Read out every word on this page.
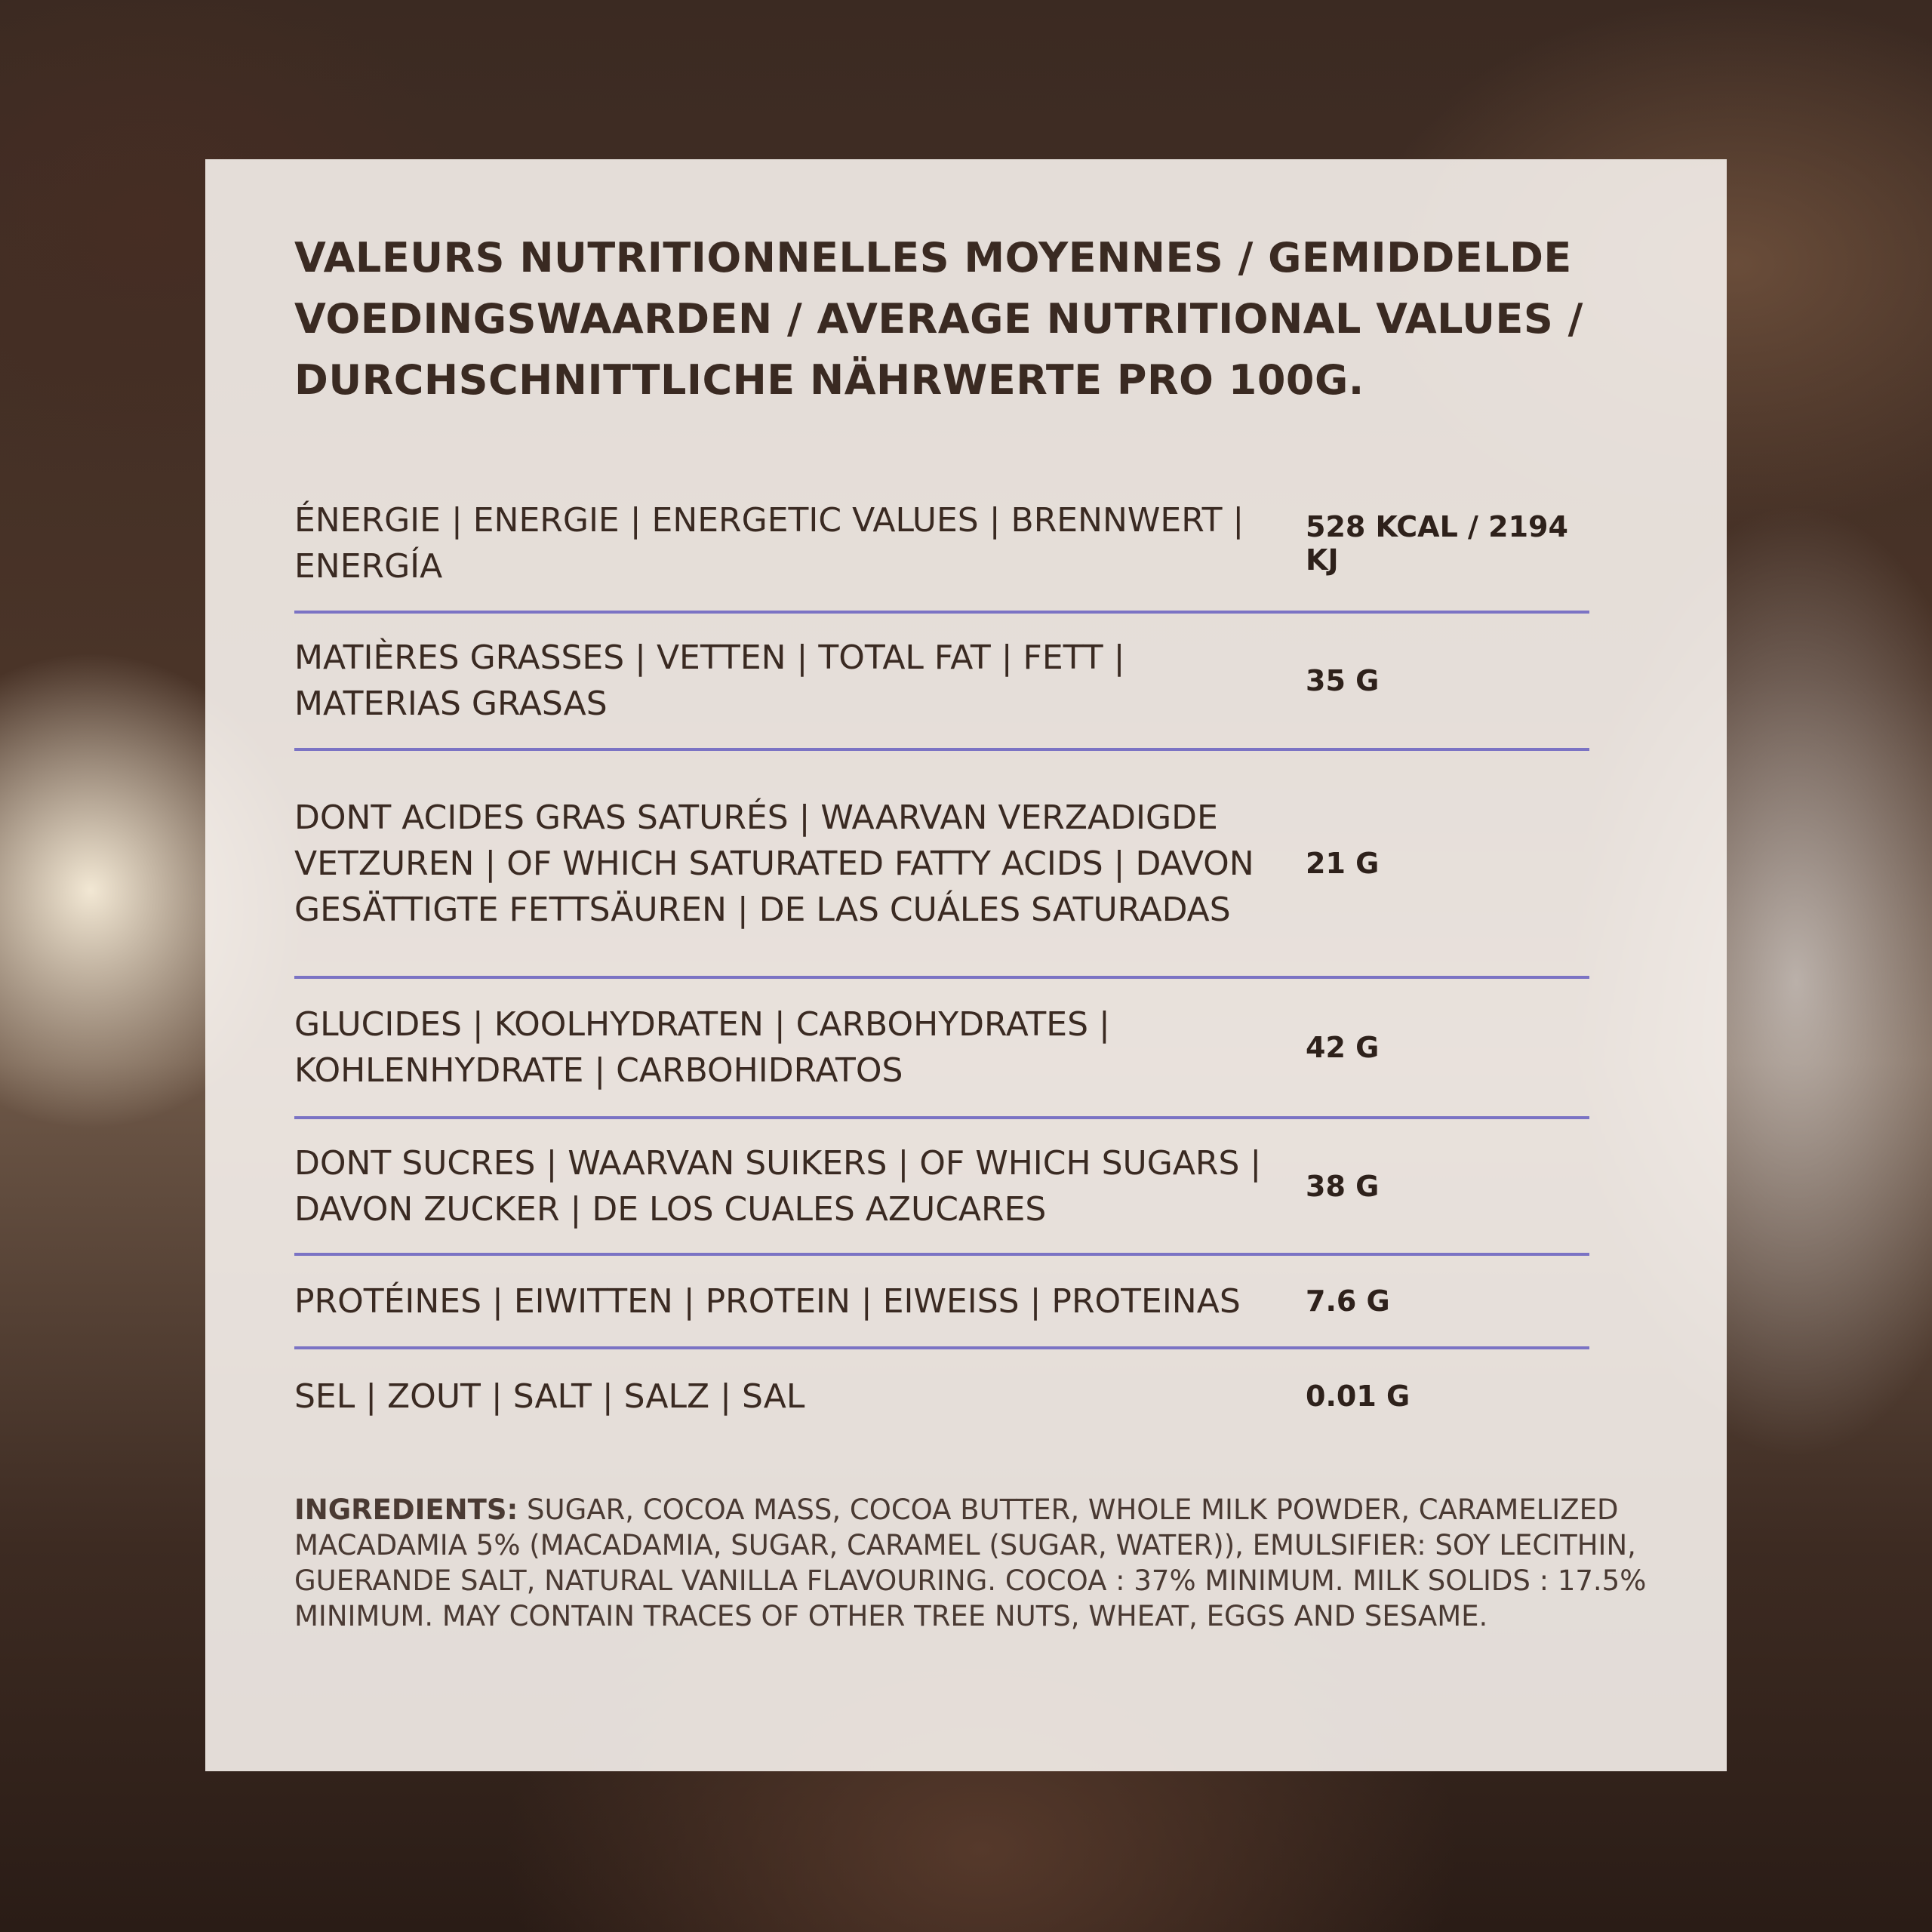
VALEURS NUTRITIONNELLES MOYENNES / GEMIDDELDE VOEDINGSWAARDEN / AVERAGE NUTRITIONAL VALUES / DURCHSCHNITTLICHE NÄHRWERTE PRO 100G.
ÉNERGIE | ENERGIE | ENERGETIC VALUES | BRENNWERT | ENERGÍA
528 KCAL / 2194 KJ
MATIÈRES GRASSES | VETTEN | TOTAL FAT | FETT | MATERIAS GRASAS
35 G
DONT ACIDES GRAS SATURÉS | WAARVAN VERZADIGDE VETZUREN | OF WHICH SATURATED FATTY ACIDS | DAVON GESÄTTIGTE FETTSÄUREN | DE LAS CUÁLES SATURADAS
21 G
GLUCIDES | KOOLHYDRATEN | CARBOHYDRATES | KOHLENHYDRATE | CARBOHIDRATOS
42 G
DONT SUCRES | WAARVAN SUIKERS | OF WHICH SUGARS | DAVON ZUCKER | DE LOS CUALES AZUCARES
38 G
PROTÉINES | EIWITTEN | PROTEIN | EIWEISS | PROTEINAS	7.6 G
SEL | ZOUT | SALT | SALZ | SAL	0.01 G

INGREDIENTS: SUGAR, COCOA MASS, COCOA BUTTER, WHOLE MILK POWDER, CARAMELIZED MACADAMIA 5% (MACADAMIA, SUGAR, CARAMEL (SUGAR, WATER)), EMULSIFIER: SOY LECITHIN, GUERANDE SALT, NATURAL VANILLA FLAVOURING. COCOA : 37% MINIMUM. MILK SOLIDS : 17.5% MINIMUM. MAY CONTAIN TRACES OF OTHER TREE NUTS, WHEAT, EGGS AND SESAME.
